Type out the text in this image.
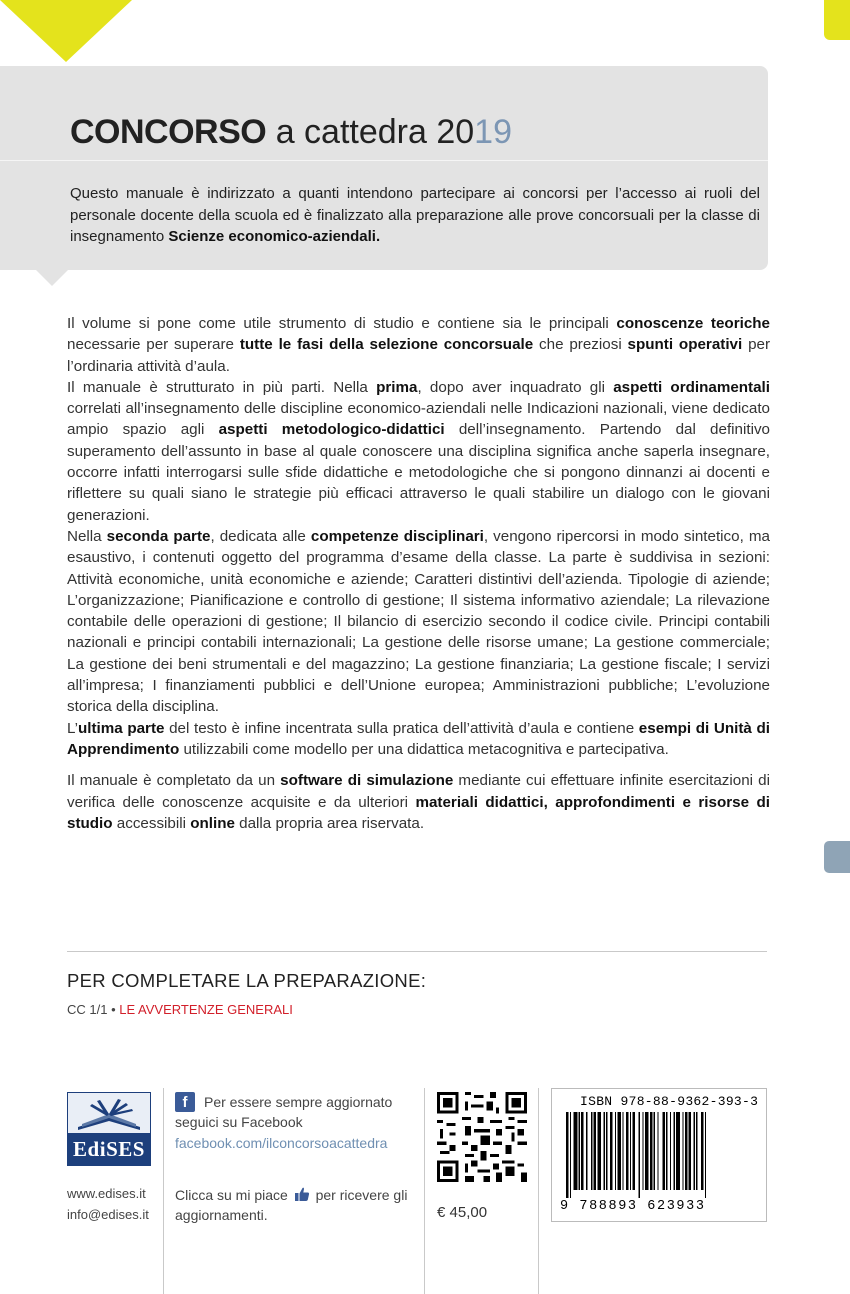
CONCORSO a cattedra 2019
Questo manuale è indirizzato a quanti intendono partecipare ai concorsi per l’accesso ai ruoli del personale docente della scuola ed è finalizzato alla preparazione alle prove concorsuali per la classe di insegnamento Scienze economico-aziendali.

Il volume si pone come utile strumento di studio e contiene sia le principali conoscenze teoriche necessarie per superare tutte le fasi della selezione concorsuale che preziosi spunti operativi per l’ordinaria attività d’aula.

Il manuale è strutturato in più parti. Nella prima, dopo aver inquadrato gli aspetti ordinamentali correlati all’insegnamento delle discipline economico-aziendali nelle Indicazioni nazionali, viene dedicato ampio spazio agli aspetti metodologico-didattici dell’insegnamento. Partendo dal definitivo superamento dell’assunto in base al quale conoscere una disciplina significa anche saperla insegnare, occorre infatti interrogarsi sulle sfide didattiche e metodologiche che si pongono dinnanzi ai docenti e riflettere su quali siano le strategie più efficaci attraverso le quali stabilire un dialogo con le giovani generazioni.

Nella seconda parte, dedicata alle competenze disciplinari, vengono ripercorsi in modo sintetico, ma esaustivo, i contenuti oggetto del programma d’esame della classe. La parte è suddivisa in sezioni: Attività economiche, unità economiche e aziende; Caratteri distintivi dell’azienda. Tipologie di aziende; L’organizzazione; Pianificazione e controllo di gestione; Il sistema informativo aziendale; La rilevazione contabile delle operazioni di gestione; Il bilancio di esercizio secondo il codice civile. Principi contabili nazionali e principi contabili internazionali; La gestione delle risorse umane; La gestione commerciale; La gestione dei beni strumentali e del magazzino; La gestione finanziaria; La gestione fiscale; I servizi all’impresa; I finanziamenti pubblici e dell’Unione europea; Amministrazioni pubbliche; L’evoluzione storica della disciplina.

L’ultima parte del testo è infine incentrata sulla pratica dell’attività d’aula e contiene esempi di Unità di Apprendimento utilizzabili come modello per una didattica metacognitiva e partecipativa.

Il manuale è completato da un software di simulazione mediante cui effettuare infinite esercitazioni di verifica delle conoscenze acquisite e da ulteriori materiali didattici, approfondimenti e risorse di studio accessibili online dalla propria area riservata.

PER COMPLETARE LA PREPARAZIONE:
CC 1/1 • LE AVVERTENZE GENERALI
EdiSES
www.edises.it
info@edises.it
f	Per essere sempre aggiornato
seguici su Facebook
facebook.com/ilconcorsoacattedra
Clicca su mi piace per ricevere gli
aggiornamenti.	€ 45,00
ISBN 978-88-9362-393-3
9 788893 623933
